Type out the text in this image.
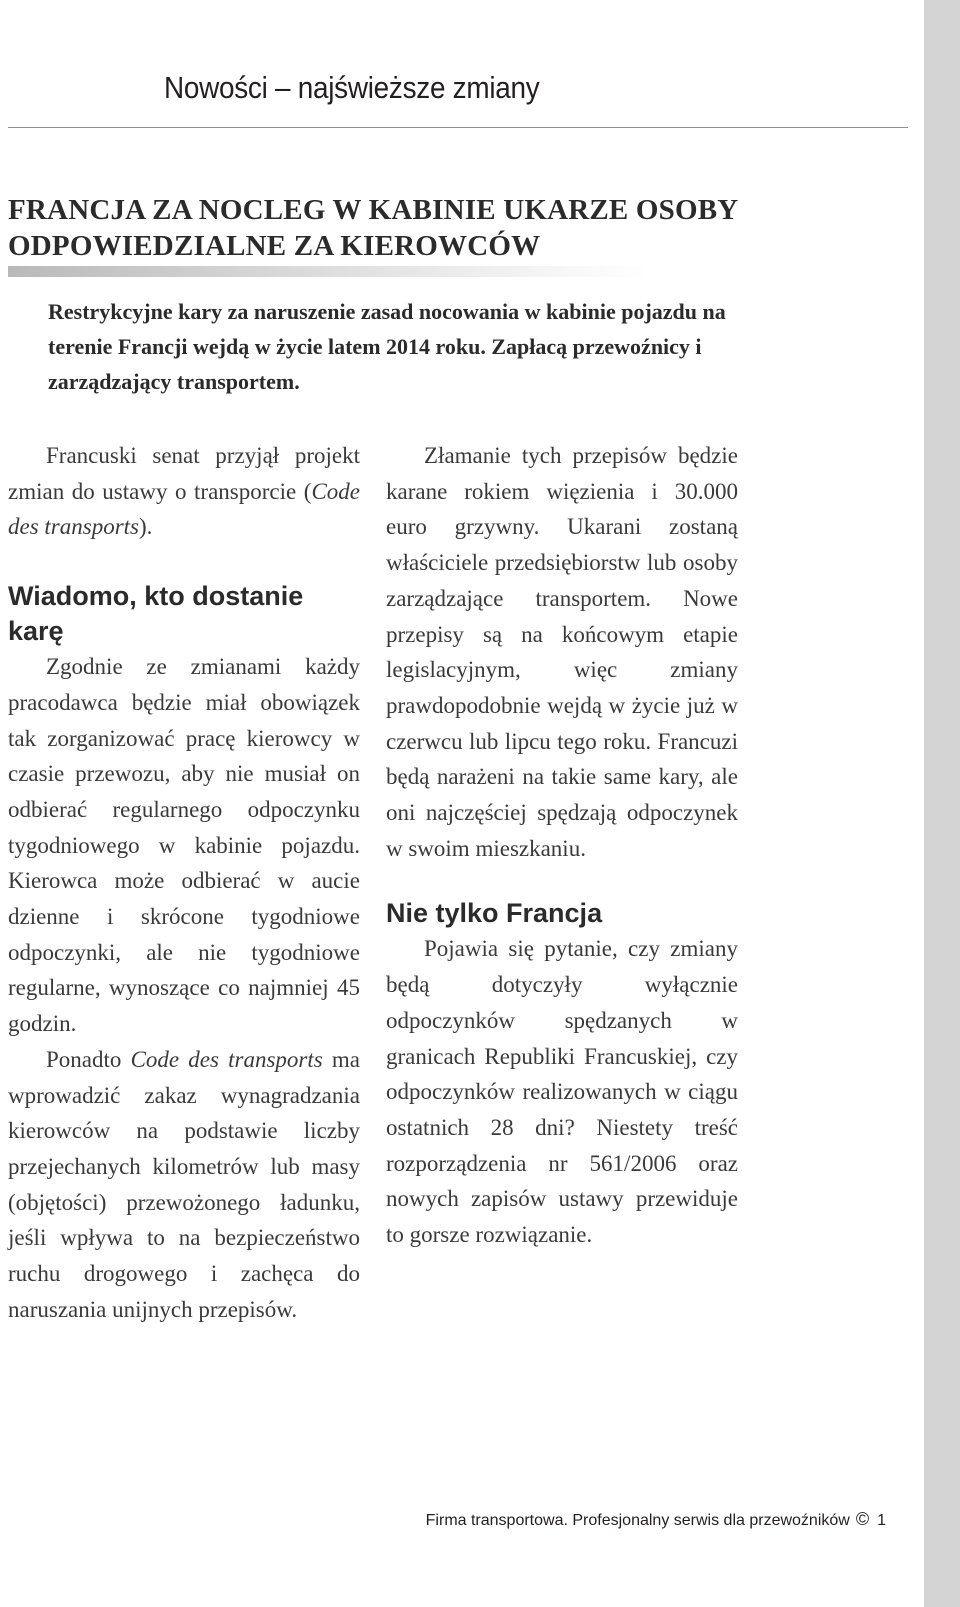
Nowości – najświeższe zmiany
FRANCJA ZA NOCLEG W KABINIE UKARZE OSOBY ODPOWIEDZIALNE ZA KIEROWCÓW

Restrykcyjne kary za naruszenie zasad nocowania w kabinie pojazdu na terenie Francji wejdą w życie latem 2014 roku. Zapłacą przewoźnicy i zarządzający transportem.

Francuski senat przyjął projekt zmian do ustawy o transporcie (Code des transports).

Wiadomo, kto dostanie karę

Zgodnie ze zmianami każdy pracodawca będzie miał obowiązek tak zorganizować pracę kierowcy w czasie przewozu, aby nie musiał on odbierać regularnego odpoczynku tygodniowego w kabinie pojazdu. Kierowca może odbierać w aucie dzienne i skrócone tygodniowe odpoczynki, ale nie tygodniowe regularne, wynoszące co najmniej 45 godzin.

Ponadto Code des transports ma wprowadzić zakaz wynagradzania kierowców na podstawie liczby przejechanych kilometrów lub masy (objętości) przewożonego ładunku, jeśli wpływa to na bezpieczeństwo ruchu drogowego i zachęca do naruszania unijnych przepisów.

Złamanie tych przepisów będzie karane rokiem więzienia i 30.000 euro grzywny. Ukarani zostaną właściciele przedsiębiorstw lub osoby zarządzające transportem. Nowe przepisy są na końcowym etapie legislacyjnym, więc zmiany prawdopodobnie wejdą w życie już w czerwcu lub lipcu tego roku. Francuzi będą narażeni na takie same kary, ale oni najczęściej spędzają odpoczynek w swoim mieszkaniu.

Nie tylko Francja

Pojawia się pytanie, czy zmiany będą dotyczyły wyłącznie odpoczynków spędzanych w granicach Republiki Francuskiej, czy odpoczynków realizowanych w ciągu ostatnich 28 dni? Niestety treść rozporządzenia nr 561/2006 oraz nowych zapisów ustawy przewiduje to gorsze rozwiązanie.

Firma transportowa. Profesjonalny serwis dla przewoźników © 1
